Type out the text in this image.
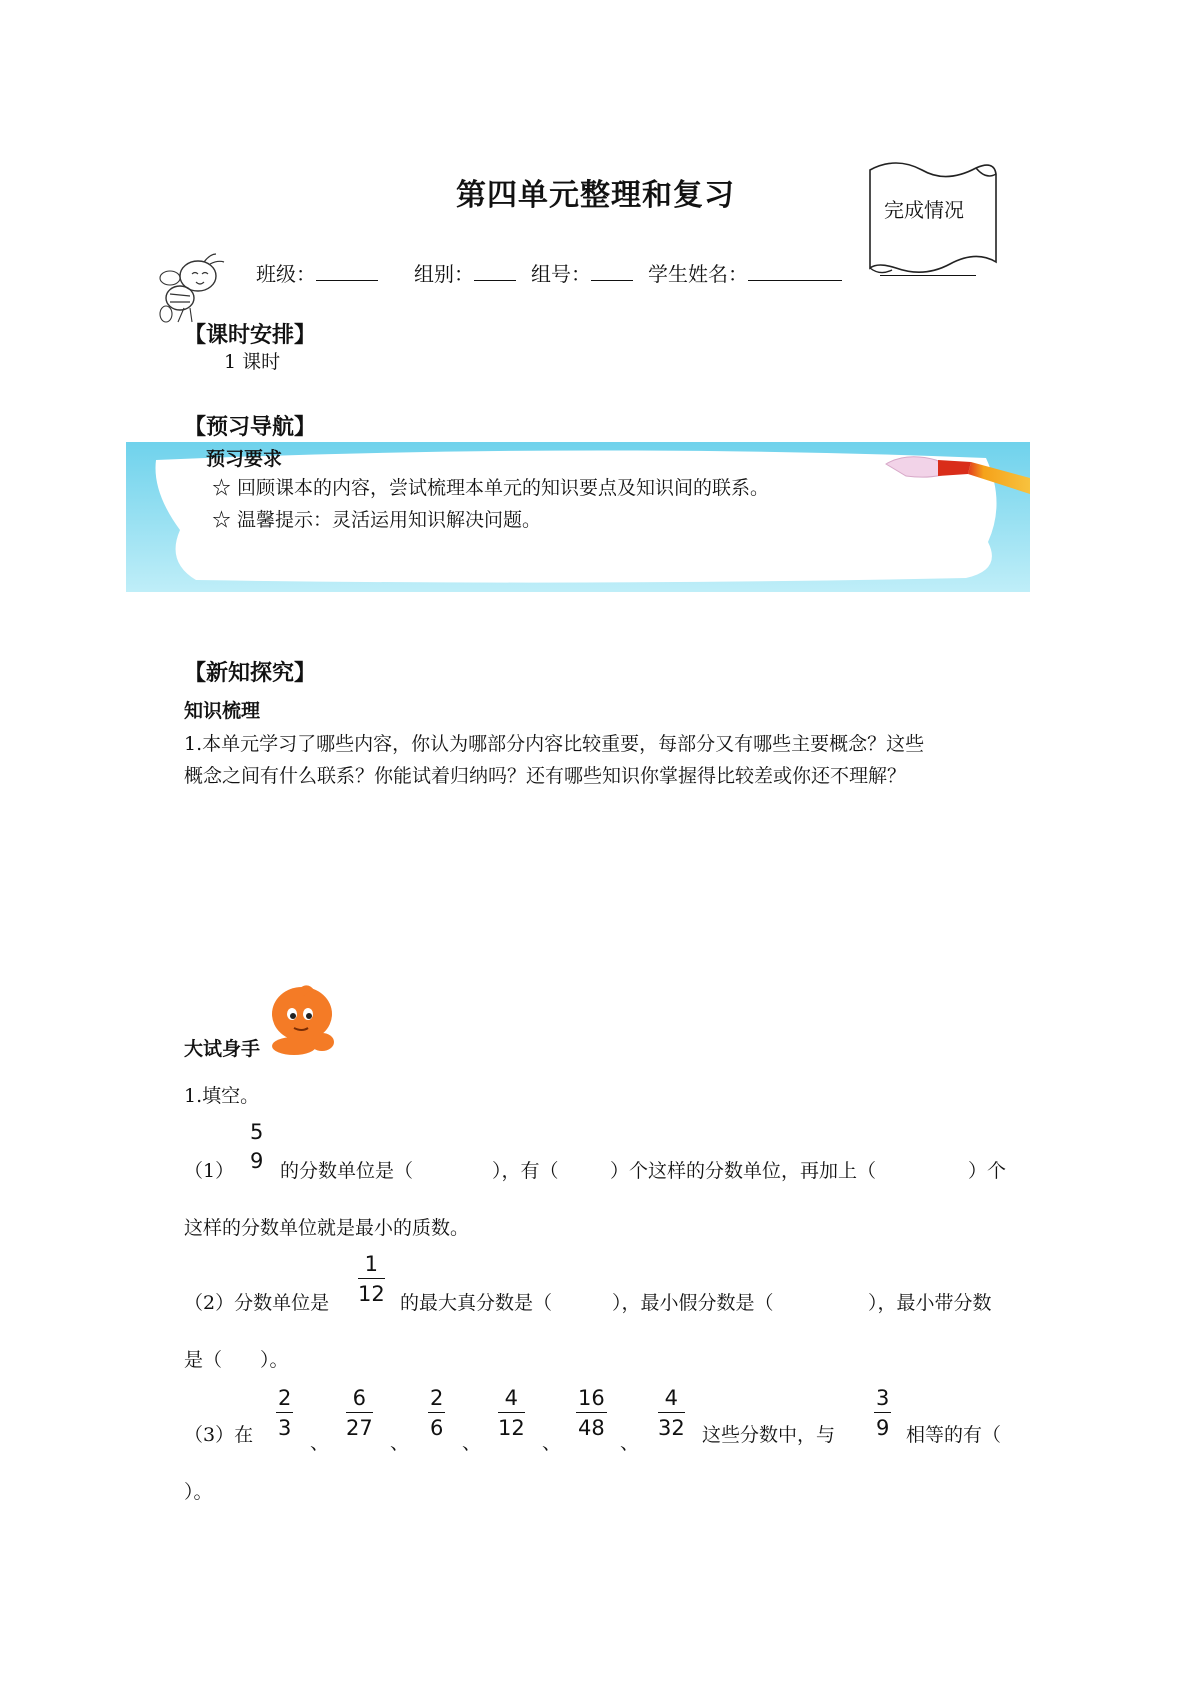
第四单元整理和复习	完成情况
班级：	组别：	组号：	学生姓名：
【课时安排】
1 课时
【预习导航】
预习要求
☆ 回顾课本的内容，尝试梳理本单元的知识要点及知识间的联系。
☆ 温馨提示：灵活运用知识解决问题。
【新知探究】
知识梳理
1.本单元学习了哪些内容，你认为哪部分内容比较重要，每部分又有哪些主要概念？这些
概念之间有什么联系？你能试着归纳吗？还有哪些知识你掌握得比较差或你还不理解？
大试身手
1.填空。
（1）
5
9 的分数单位是（	），有（	）个这样的分数单位，再加上（	）个
这样的分数单位就是最小的质数。
（2）分数单位是 $\frac{1}{12}$ 的最大真分数是（	），最小假分数是（	），最小带分数
是（　　）。
（3）在 $\frac{2}{3}$ 、 $\frac{6}{27}$ 、 $\frac{2}{6}$ 、 $\frac{4}{12}$ 、 $\frac{16}{48}$ 、 $\frac{4}{32}$ 这些分数中，与 $\frac{3}{9}$ 相等的有（
）。
